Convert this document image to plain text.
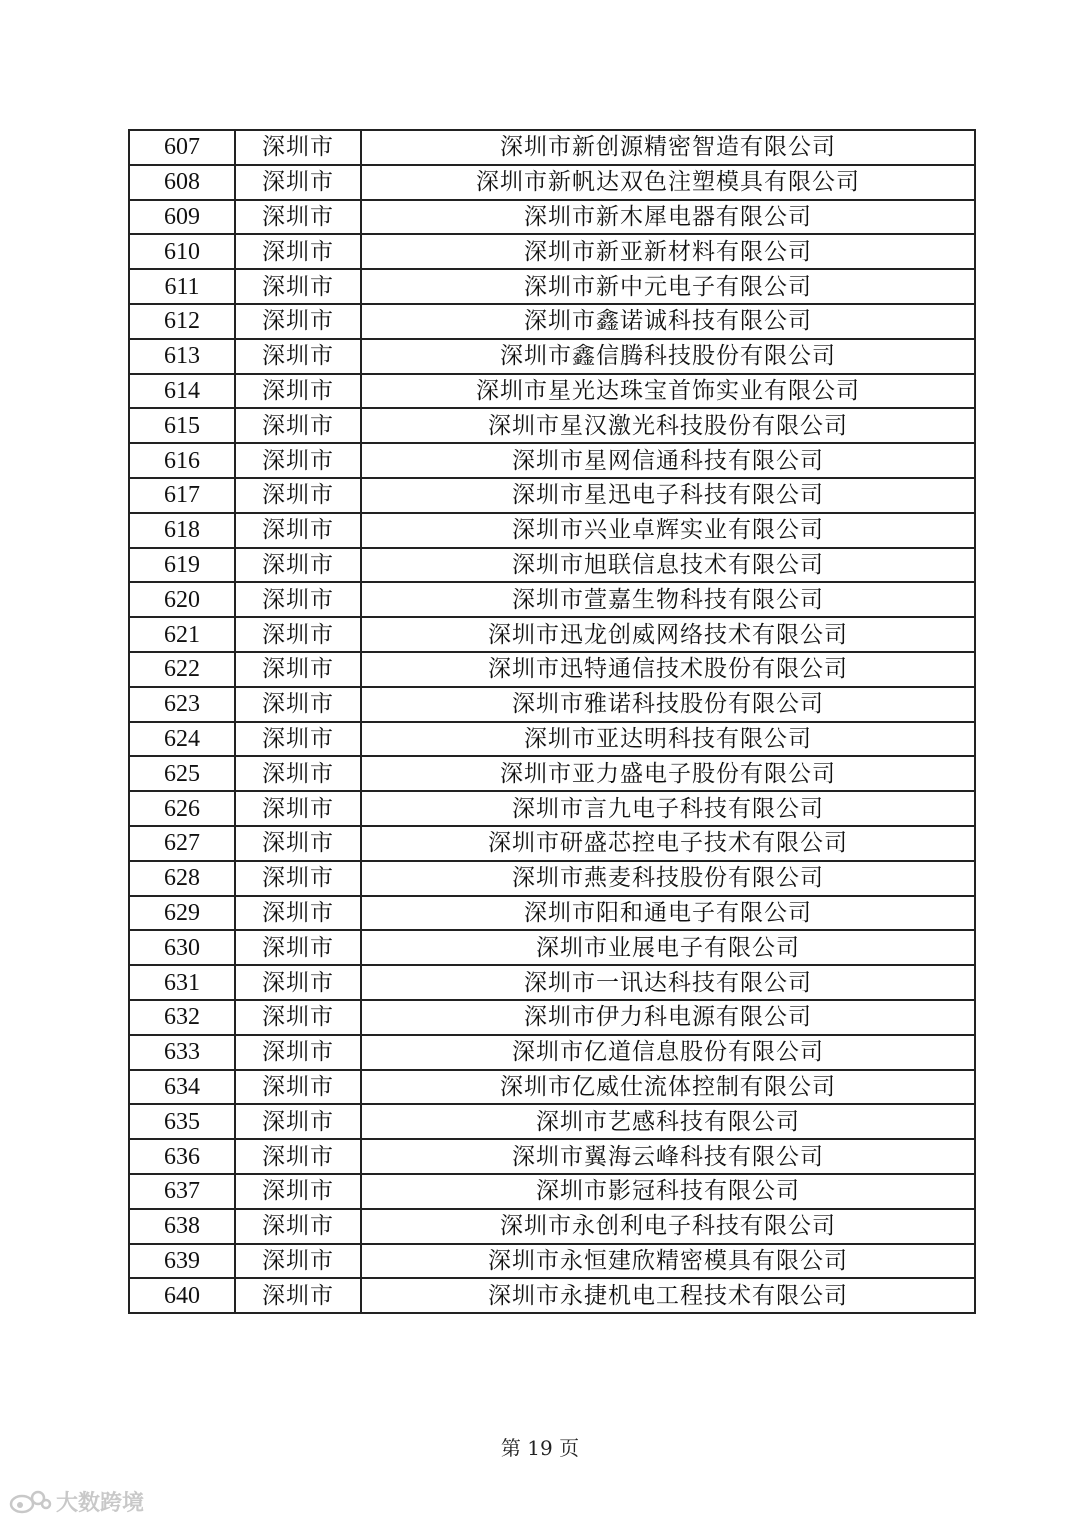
607	深圳市	深圳市新创源精密智造有限公司
608	深圳市	深圳市新帆达双色注塑模具有限公司
609	深圳市	深圳市新木犀电器有限公司
610	深圳市	深圳市新亚新材料有限公司
611	深圳市	深圳市新中元电子有限公司
612	深圳市	深圳市鑫诺诚科技有限公司
613	深圳市	深圳市鑫信腾科技股份有限公司
614	深圳市	深圳市星光达珠宝首饰实业有限公司
615	深圳市	深圳市星汉激光科技股份有限公司
616	深圳市	深圳市星网信通科技有限公司
617	深圳市	深圳市星迅电子科技有限公司
618	深圳市	深圳市兴业卓辉实业有限公司
619	深圳市	深圳市旭联信息技术有限公司
620	深圳市	深圳市萱嘉生物科技有限公司
621	深圳市	深圳市迅龙创威网络技术有限公司
622	深圳市	深圳市迅特通信技术股份有限公司
623	深圳市	深圳市雅诺科技股份有限公司
624	深圳市	深圳市亚达明科技有限公司
625	深圳市	深圳市亚力盛电子股份有限公司
626	深圳市	深圳市言九电子科技有限公司
627	深圳市	深圳市研盛芯控电子技术有限公司
628	深圳市	深圳市燕麦科技股份有限公司
629	深圳市	深圳市阳和通电子有限公司
630	深圳市	深圳市业展电子有限公司
631	深圳市	深圳市一讯达科技有限公司
632	深圳市	深圳市伊力科电源有限公司
633	深圳市	深圳市亿道信息股份有限公司
634	深圳市	深圳市亿威仕流体控制有限公司
635	深圳市	深圳市艺感科技有限公司
636	深圳市	深圳市翼海云峰科技有限公司
637	深圳市	深圳市影冠科技有限公司
638	深圳市	深圳市永创利电子科技有限公司
639	深圳市	深圳市永恒建欣精密模具有限公司
640	深圳市	深圳市永捷机电工程技术有限公司
第 19 页
大数跨境
